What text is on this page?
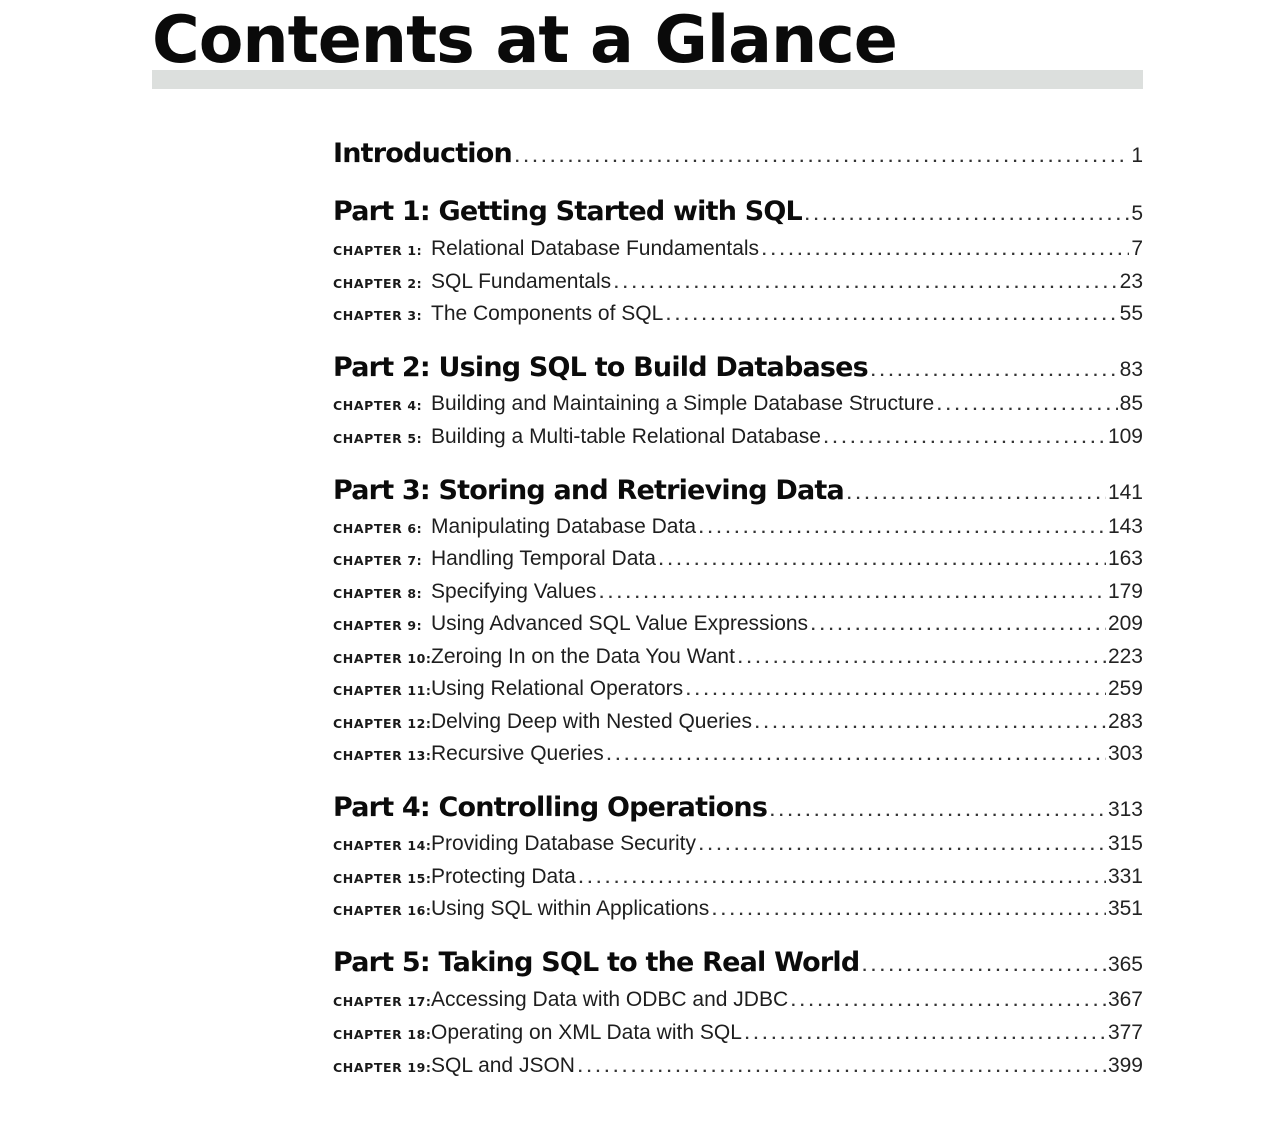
Contents at a Glance
Introduction . . .	1
Part 1: Getting Started with SQL . . .	5
CHAPTER 1: Relational Database Fundamentals . . .	7
CHAPTER 2: SQL Fundamentals . . .	23
CHAPTER 3: The Components of SQL . . .	55
Part 2: Using SQL to Build Databases . . .	83
CHAPTER 4: Building and Maintaining a Simple Database Structure . . .	85
CHAPTER 5: Building a Multi-table Relational Database . . .	109
Part 3: Storing and Retrieving Data . . .	141
CHAPTER 6: Manipulating Database Data . . .	143
CHAPTER 7: Handling Temporal Data . . .	163
CHAPTER 8: Specifying Values . . .	179
CHAPTER 9: Using Advanced SQL Value Expressions . . .	209
CHAPTER 10:Zeroing In on the Data You Want . . .	223
CHAPTER 11:Using Relational Operators . . .	259
CHAPTER 12:Delving Deep with Nested Queries . . .	283
CHAPTER 13:Recursive Queries . . .	303
Part 4: Controlling Operations . . .	313
CHAPTER 14:Providing Database Security . . .	315
CHAPTER 15:Protecting Data . . .	331
CHAPTER 16:Using SQL within Applications . . .	351
Part 5: Taking SQL to the Real World . . .	365
CHAPTER 17:Accessing Data with ODBC and JDBC . . .	367
CHAPTER 18:Operating on XML Data with SQL . . .	377
CHAPTER 19:SQL and JSON . . .	399
